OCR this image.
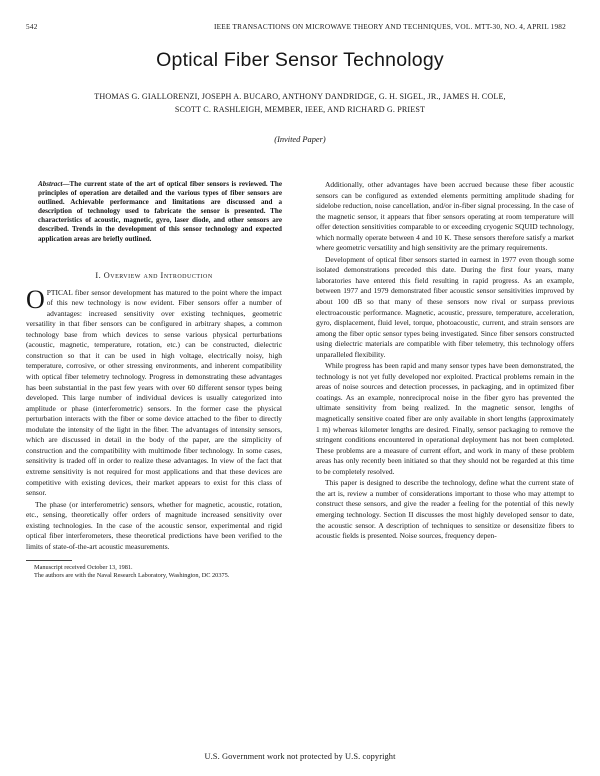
542	IEEE TRANSACTIONS ON MICROWAVE THEORY AND TECHNIQUES, VOL. MTT-30, NO. 4, APRIL 1982
Optical Fiber Sensor Technology
THOMAS G. GIALLORENZI, JOSEPH A. BUCARO, ANTHONY DANDRIDGE, G. H. SIGEL, JR., JAMES H. COLE,
SCOTT C. RASHLEIGH, MEMBER, IEEE, AND RICHARD G. PRIEST
(Invited Paper)

Abstract—The current state of the art of optical fiber sensors is reviewed. The principles of operation are detailed and the various types of fiber sensors are outlined. Achievable performance and limitations are discussed and a description of technology used to fabricate the sensor is presented. The characteristics of acoustic, magnetic, gyro, laser diode, and other sensors are described. Trends in the development of this sensor technology and expected application areas are briefly outlined.

I. Overview and Introduction

OPTICAL fiber sensor development has matured to the point where the impact of this new technology is now evident. Fiber sensors offer a number of advantages: increased sensitivity over existing techniques, geometric versatility in that fiber sensors can be configured in arbitrary shapes, a common technology base from which devices to sense various physical perturbations (acoustic, magnetic, temperature, rotation, etc.) can be constructed, dielectric construction so that it can be used in high voltage, electrically noisy, high temperature, corrosive, or other stressing environments, and inherent compatibility with optical fiber telemetry technology. Progress in demonstrating these advantages has been substantial in the past few years with over 60 different sensor types being developed. This large number of individual devices is usually categorized into amplitude or phase (interferometric) sensors. In the former case the physical perturbation interacts with the fiber or some device attached to the fiber to directly modulate the intensity of the light in the fiber. The advantages of intensity sensors, which are discussed in detail in the body of the paper, are the simplicity of construction and the compatibility with multimode fiber technology. In some cases, sensitivity is traded off in order to realize these advantages. In view of the fact that extreme sensitivity is not required for most applications and that these devices are competitive with existing devices, their market appears to exist for this class of sensor.

The phase (or interferometric) sensors, whether for magnetic, acoustic, rotation, etc., sensing, theoretically offer orders of magnitude increased sensitivity over existing technologies. In the case of the acoustic sensor, experimental and rigid optical fiber interferometers, these theoretical predictions have been verified to the limits of state-of-the-art acoustic measurements.

Manuscript received October 13, 1981.

The authors are with the Naval Research Laboratory, Washington, DC 20375.

Additionally, other advantages have been accrued because these fiber acoustic sensors can be configured as extended elements permitting amplitude shading for sidelobe reduction, noise cancellation, and/or in-fiber signal processing. In the case of the magnetic sensor, it appears that fiber sensors operating at room temperature will offer detection sensitivities comparable to or exceeding cryogenic SQUID technology, which normally operate between 4 and 10 K. These sensors therefore satisfy a market where geometric versatility and high sensitivity are the primary requirements.

Development of optical fiber sensors started in earnest in 1977 even though some isolated demonstrations preceded this date. During the first four years, many laboratories have entered this field resulting in rapid progress. As an example, between 1977 and 1979 demonstrated fiber acoustic sensor sensitivities improved by about 100 dB so that many of these sensors now rival or surpass previous electroacoustic performance. Magnetic, acoustic, pressure, temperature, acceleration, gyro, displacement, fluid level, torque, photoacoustic, current, and strain sensors are among the fiber optic sensor types being investigated. Since fiber sensors constructed using dielectric materials are compatible with fiber telemetry, this technology offers unparalleled flexibility.

While progress has been rapid and many sensor types have been demonstrated, the technology is not yet fully developed nor exploited. Practical problems remain in the areas of noise sources and detection processes, in packaging, and in optimized fiber coatings. As an example, nonreciprocal noise in the fiber gyro has prevented the ultimate sensitivity from being realized. In the magnetic sensor, lengths of magnetically sensitive coated fiber are only available in short lengths (approximately 1 m) whereas kilometer lengths are desired. Finally, sensor packaging to remove the stringent conditions encountered in operational deployment has not been completed. These problems are a measure of current effort, and work in many of these problem areas has only recently been initiated so that they should not be regarded at this time to be completely resolved.

This paper is designed to describe the technology, define what the current state of the art is, review a number of considerations important to those who may attempt to construct these sensors, and give the reader a feeling for the potential of this newly emerging technology. Section II discusses the most highly developed sensor to date, the acoustic sensor. A description of techniques to sensitize or desensitize fibers to acoustic fields is presented. Noise sources, frequency depen-

U.S. Government work not protected by U.S. copyright
